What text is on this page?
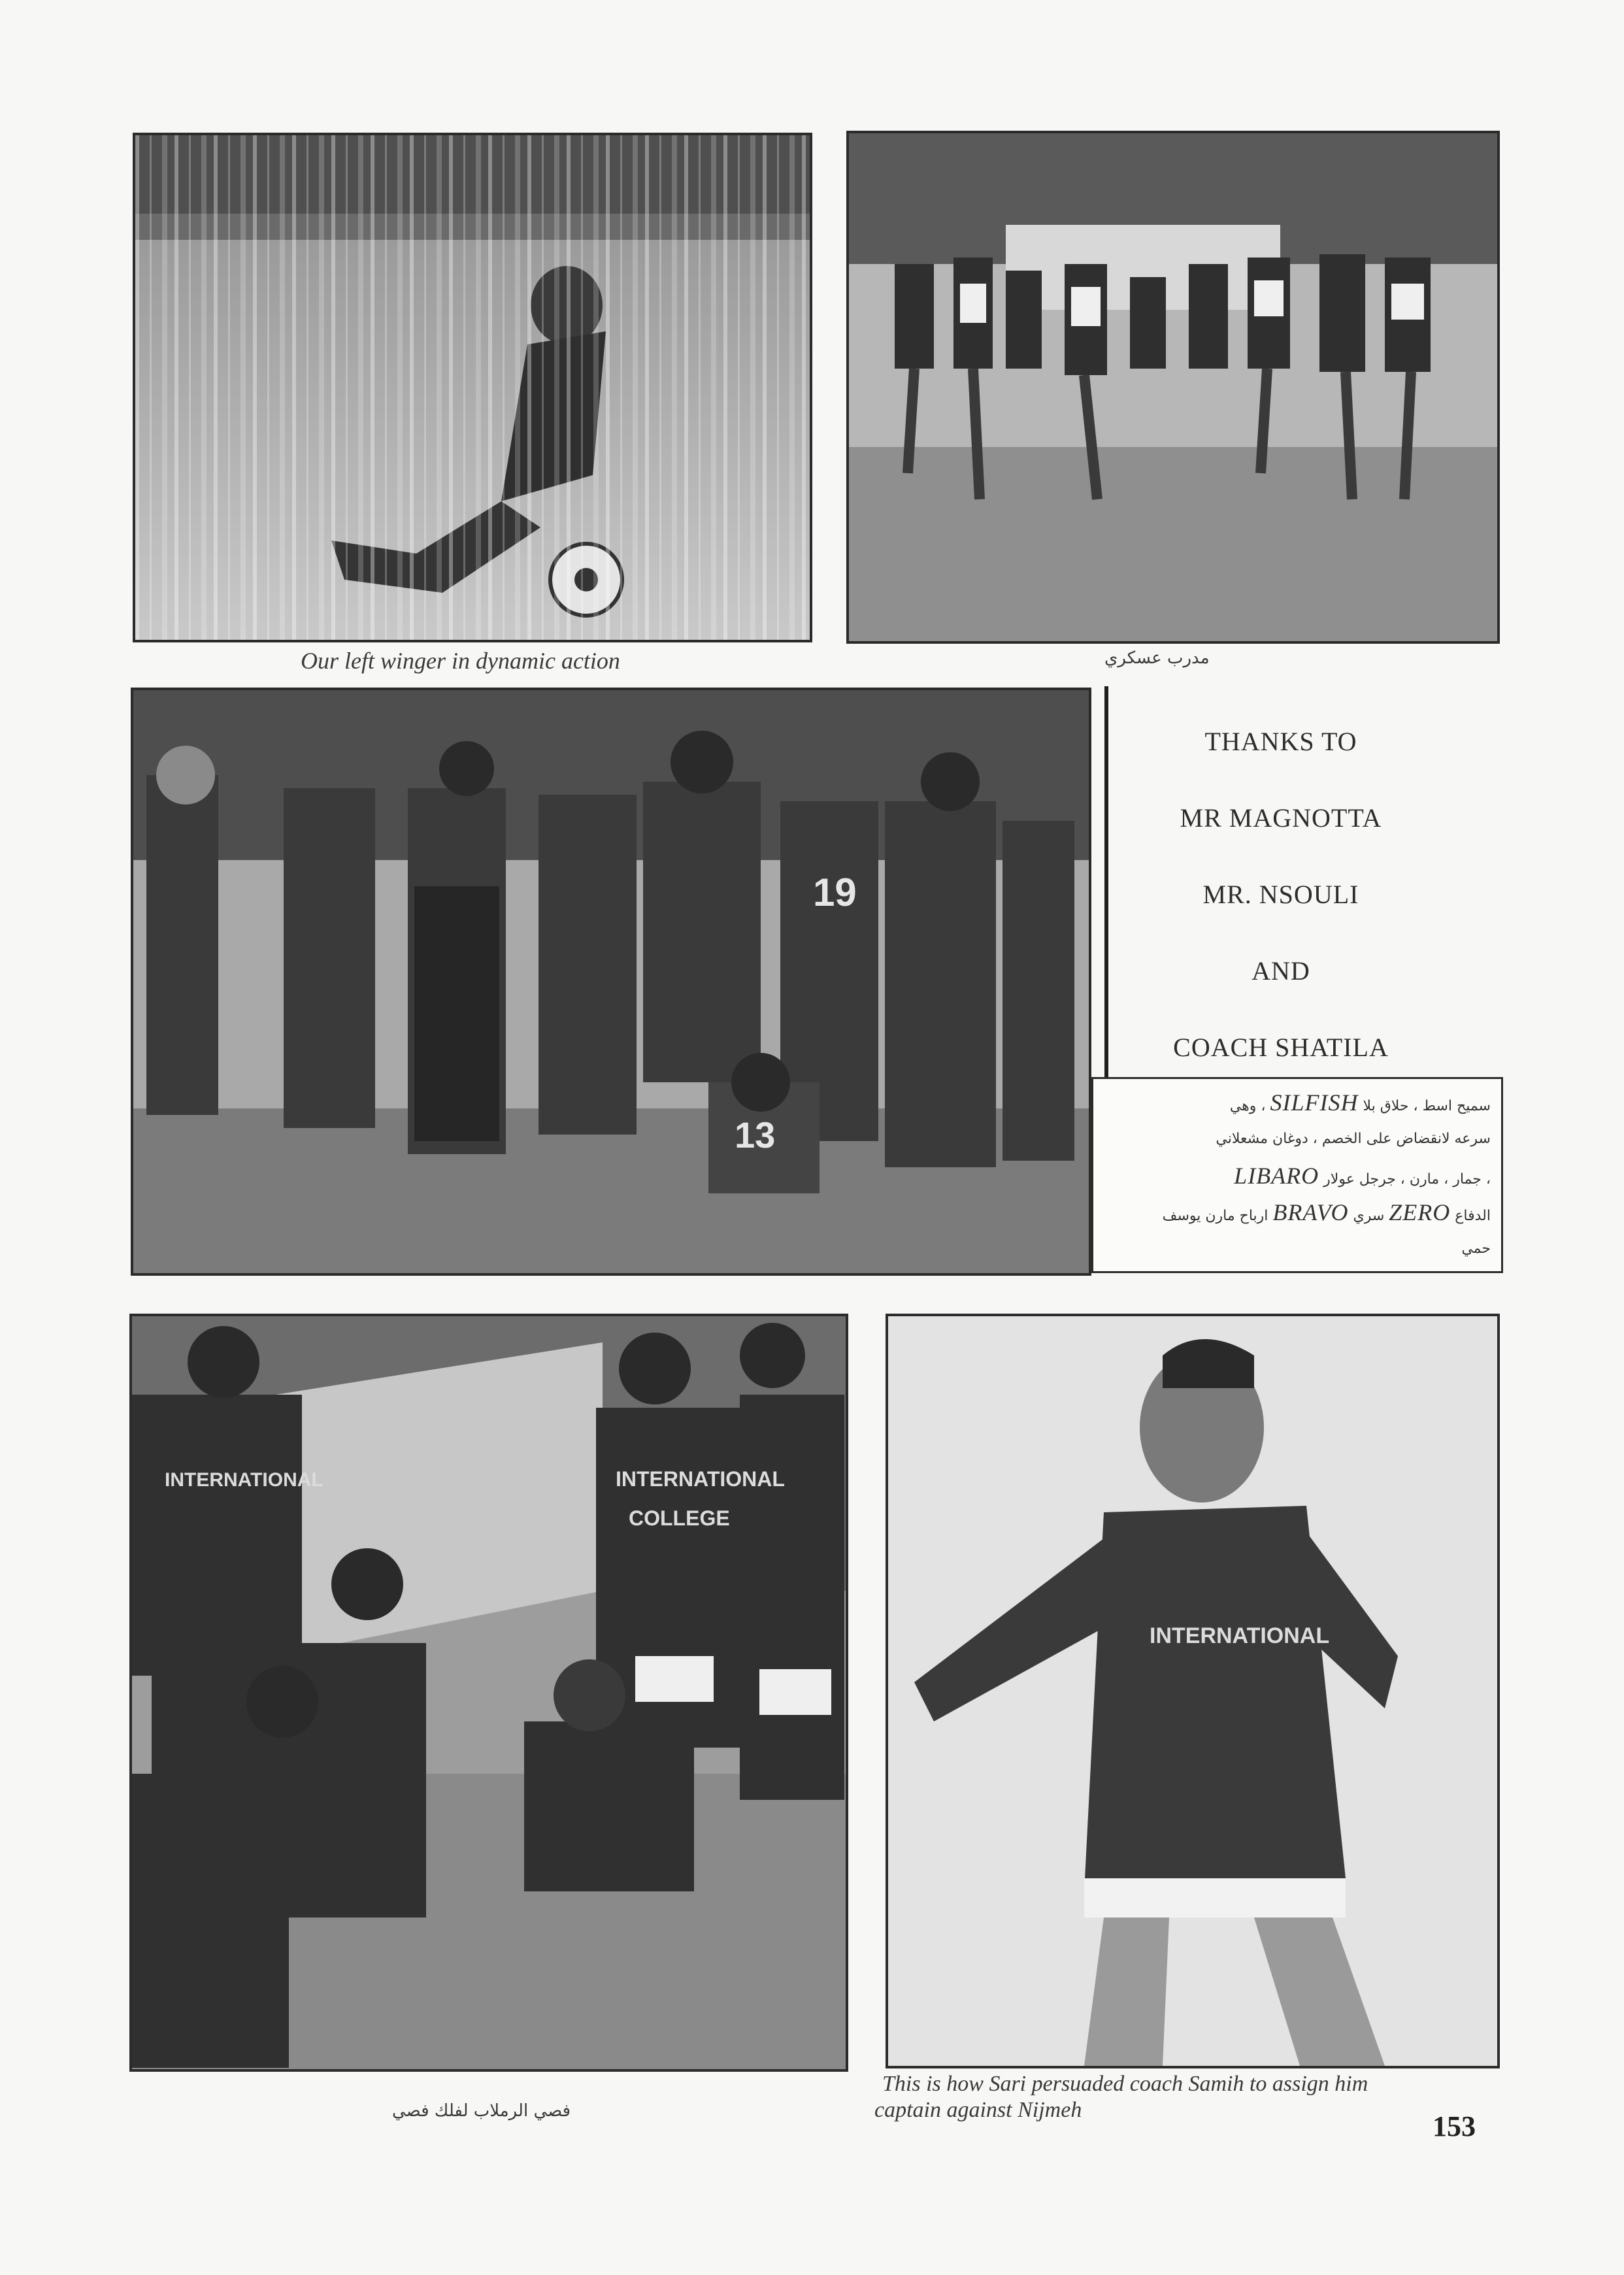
Our left winger in dynamic action	مدرب عسكري
19
13
THANKS TO
MR MAGNOTTA
MR. NSOULI
AND
COACH SHATILA
سميح اسط ، حلاق بلا SILFISH ، وهي
سرعه لانقضاض على الخصم ، دوغان مشعلاني
، جمار ، مارن ، جرجل عولار LIBARO
الدفاع ZERO سري BRAVO ارباح مارن يوسف
حمي
INTERNATIONAL	INTERNATIONAL
COLLEGE
فصي الرملاب لفلك فصي
INTERNATIONAL
This is how Sari persuaded coach Samih to assign him
captain against Nijmeh
153
